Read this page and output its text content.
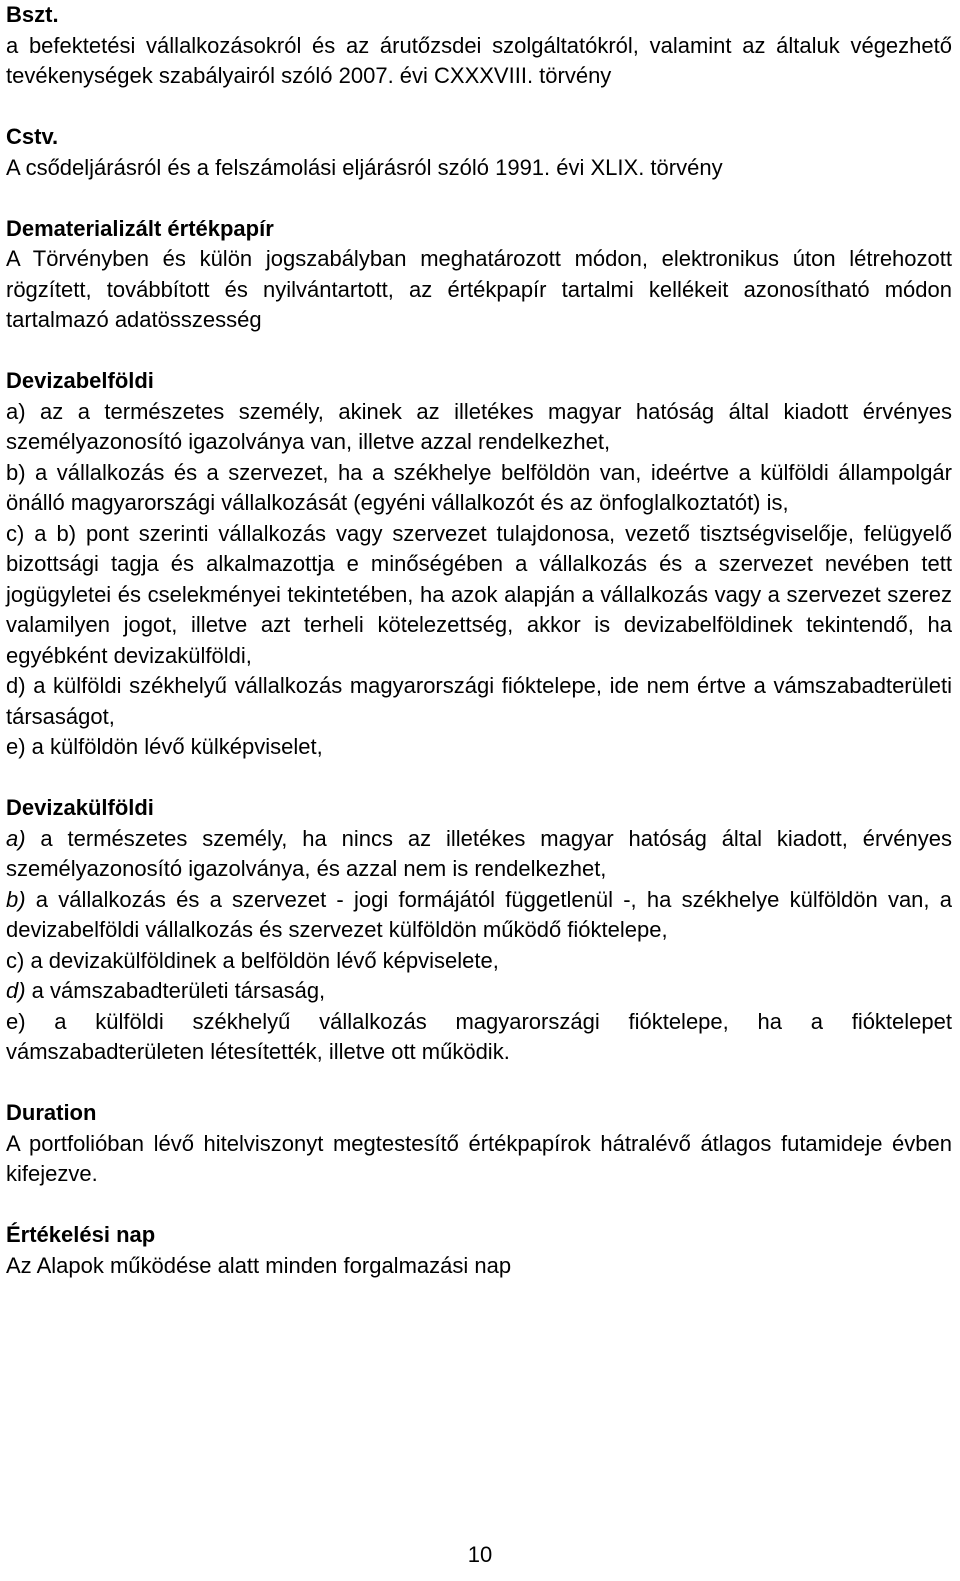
Bszt.

a befektetési vállalkozásokról és az árutőzsdei szolgáltatókról, valamint az általuk végezhető tevékenységek szabályairól szóló 2007. évi CXXXVIII. törvény

Cstv.

A csődeljárásról és a felszámolási eljárásról szóló 1991. évi XLIX. törvény

Dematerializált értékpapír

A Törvényben és külön jogszabályban meghatározott módon, elektronikus úton létrehozott rögzített, továbbított és nyilvántartott, az értékpapír tartalmi kellékeit azonosítható módon tartalmazó adatösszesség

Devizabelföldi

a) az a természetes személy, akinek az illetékes magyar hatóság által kiadott érvényes személyazonosító igazolványa van, illetve azzal rendelkezhet,

b) a vállalkozás és a szervezet, ha a székhelye belföldön van, ideértve a külföldi állampolgár önálló magyarországi vállalkozását (egyéni vállalkozót és az önfoglalkoztatót) is,

c) a b) pont szerinti vállalkozás vagy szervezet tulajdonosa, vezető tisztségviselője, felügyelő bizottsági tagja és alkalmazottja e minőségében a vállalkozás és a szervezet nevében tett jogügyletei és cselekményei tekintetében, ha azok alapján a vállalkozás vagy a szervezet szerez valamilyen jogot, illetve azt terheli kötelezettség, akkor is devizabelföldinek tekintendő, ha egyébként devizakülföldi,

d) a külföldi székhelyű vállalkozás magyarországi fióktelepe, ide nem értve a vámszabadterületi társaságot,

e) a külföldön lévő külképviselet,

Devizakülföldi

a) a természetes személy, ha nincs az illetékes magyar hatóság által kiadott, érvényes személyazonosító igazolványa, és azzal nem is rendelkezhet,

b) a vállalkozás és a szervezet - jogi formájától függetlenül -, ha székhelye külföldön van, a devizabelföldi vállalkozás és szervezet külföldön működő fióktelepe,

c) a devizakülföldinek a belföldön lévő képviselete,

d) a vámszabadterületi társaság,

e) a külföldi székhelyű vállalkozás magyarországi fióktelepe, ha a fióktelepet vámszabadterületen létesítették, illetve ott működik.

Duration

A portfolióban lévő hitelviszonyt megtestesítő értékpapírok hátralévő átlagos futamideje évben kifejezve.

Értékelési nap

Az Alapok működése alatt minden forgalmazási nap

10
